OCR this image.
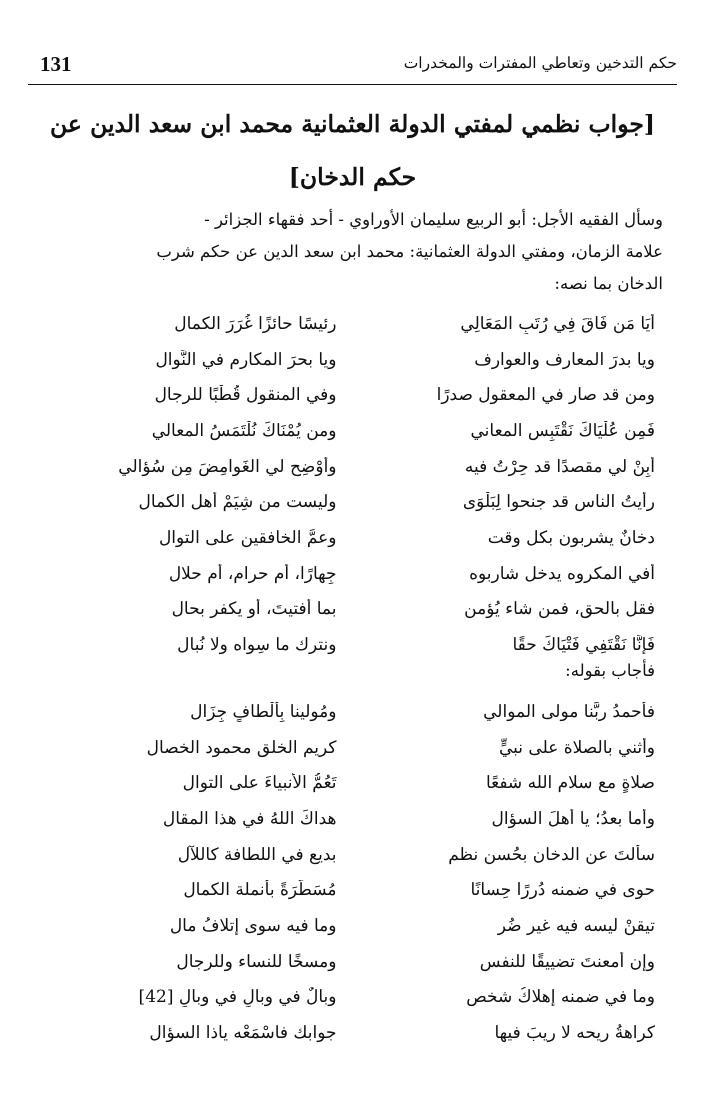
131	حكم التدخين وتعاطي المفترات والمخدرات
[جواب نظمي لمفتي الدولة العثمانية محمد ابن سعد الدين عن
حكم الدخان]
وسأل الفقيه الأجل: أبو الربيع سليمان الأوراوي - أحد فقهاء الجزائر -
علامة الزمان، ومفتي الدولة العثمانية: محمد ابن سعد الدين عن حكم شرب
الدخان بما نصه:
أَيَا مَن فَاقَ فِي رُتَبِ المَعَالِي
رئيسًا حائزًا غُرَرَ الكمال
ويا بدرَ المعارف والعوارف
ويا بحرَ المكارم في النَّوال
ومن قد صار في المعقول صدرًا
وفي المنقول قُطْبًا للرجال
فَمِن عُلْيَاكَ نَقْتَبِس المعاني
ومن يُمْنَاكَ نُلْتَمَسُ المعالي
أَبِنْ لي مقصدًا قد حِرْتُ فيه
وأَوْضِح لي الغَوامِضَ مِن سُؤالي
رأيتُ الناس قد جنحوا لِبَلْوَى
وليست من شِيَمْ أَهل الكمال
دخانٌ يشربون بكل وقت
وعمَّ الخافقين على التوال
أفي المكروه يدخل شاربوه
جِهارًا، أم حرام، أم حلال
فقل بالحق، فمن شاء يُؤمن
بما أفتيتَ، أو يكفر بحال
فَإِنَّا نَقْتَفِي فَتْيَاكَ حقًا
ونترك ما سِواه ولا نُبال
فأجاب بقوله:
فأحمدُ ربَّنا مولى الموالي
ومُولينا بِأَلْطافٍ جِزَال
وأُثني بالصلاة على نبيٍّ
كريم الخلق محمود الخصال
صلاةٍ مع سلام الله شفعًا
تَعُمُّ الأنبياءَ على التوال
وأما بعدُ؛ يا أهلَ السؤال
هداكَ اللهُ في هذا المقال
سألتَ عن الدخان بحُسن نظم
بديعٍ في اللطافة كاللآل
حوى في ضمنه دُررًا حِسانًا
مُسَطَّرَةً بأنملة الكمال
تيقنْ ليسه فيه غير ضُر
وما فيه سوى إتلافُ مال
وإن أمعنتَ تضييقًا للنفس
ومسخًا للنساء وللرجال
وما في ضمنه إهلاكُ شخص
وبالٌ في وبالٍ في وبالٍ [42]
كراهةُ ريحه لا ريبَ فيها
جوابك فاسْمَعْه ياذا السؤال
